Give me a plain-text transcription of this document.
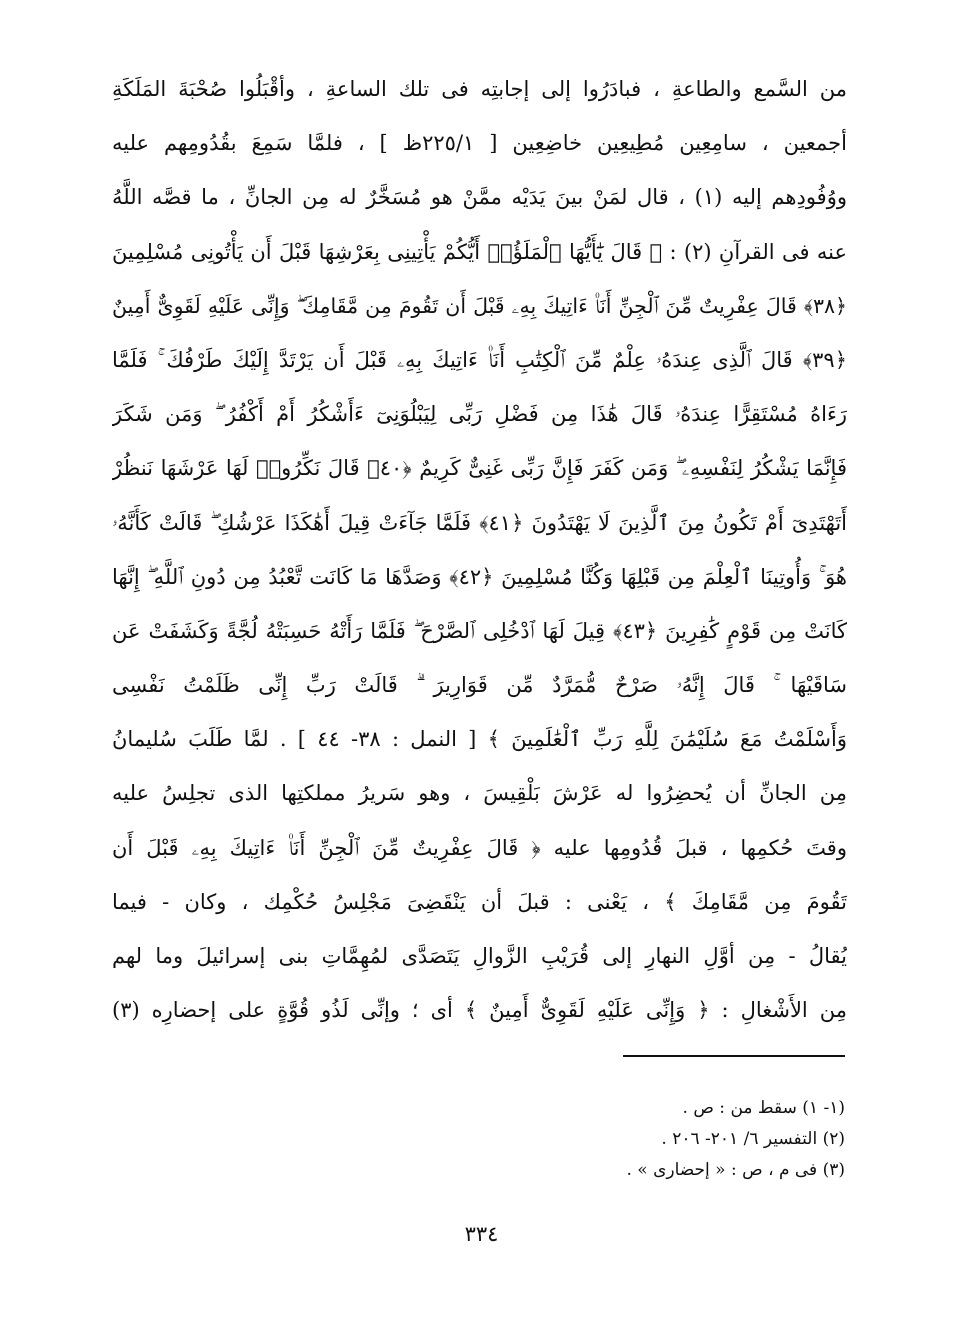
من السَّمع والطاعةِ ، فبادَرُوا إلى إجابتِه فى تلك الساعةِ ، وأقْبَلُوا صُحْبَةَ المَلَكَةِ
أجمعين ، سامِعِين مُطِيعِين خاضِعِين [ ٢٢٥/١ظ ] ، فلمَّا سَمِعَ بقُدُومِهم عليه
ووُفُودِهم إليه (١) ، قال لمَنْ بينَ يَدَيْه ممَّنْ هو مُسَخَّرٌ له مِن الجانِّ ، ما قصَّه اللَّهُ
عنه فى القرآنِ (٢) : ﴿ قَالَ يَٰٓأَيُّهَا ٱلْمَلَؤُا۟ أَيُّكُمْ يَأْتِينِى بِعَرْشِهَا قَبْلَ أَن يَأْتُونِى مُسْلِمِينَ
﴿٣٨﴾ قَالَ عِفْرِيتٌ مِّنَ ٱلْجِنِّ أَنَا۠ ءَاتِيكَ بِهِۦ قَبْلَ أَن تَقُومَ مِن مَّقَامِكَ ۖ وَإِنِّى عَلَيْهِ لَقَوِىٌّ أَمِينٌ
﴿٣٩﴾ قَالَ ٱلَّذِى عِندَهُۥ عِلْمٌ مِّنَ ٱلْكِتَٰبِ أَنَا۠ ءَاتِيكَ بِهِۦ قَبْلَ أَن يَرْتَدَّ إِلَيْكَ طَرْفُكَ ۚ فَلَمَّا
رَءَاهُ مُسْتَقِرًّا عِندَهُۥ قَالَ هَٰذَا مِن فَضْلِ رَبِّى لِيَبْلُوَنِىٓ ءَأَشْكُرُ أَمْ أَكْفُرُ ۖ وَمَن شَكَرَ
فَإِنَّمَا يَشْكُرُ لِنَفْسِهِۦ ۖ وَمَن كَفَرَ فَإِنَّ رَبِّى غَنِىٌّ كَرِيمٌ ﴿٤٠﴾ قَالَ نَكِّرُوا۟ لَهَا عَرْشَهَا نَنظُرْ
أَتَهْتَدِىٓ أَمْ تَكُونُ مِنَ ٱلَّذِينَ لَا يَهْتَدُونَ ﴿٤١﴾ فَلَمَّا جَآءَتْ قِيلَ أَهَٰكَذَا عَرْشُكِ ۖ قَالَتْ كَأَنَّهُۥ
هُوَ ۚ وَأُوتِينَا ٱلْعِلْمَ مِن قَبْلِهَا وَكُنَّا مُسْلِمِينَ ﴿٤٢﴾ وَصَدَّهَا مَا كَانَت تَّعْبُدُ مِن دُونِ ٱللَّهِ ۖ إِنَّهَا
كَانَتْ مِن قَوْمٍ كَٰفِرِينَ ﴿٤٣﴾ قِيلَ لَهَا ٱدْخُلِى ٱلصَّرْحَ ۖ فَلَمَّا رَأَتْهُ حَسِبَتْهُ لُجَّةً وَكَشَفَتْ عَن
سَاقَيْهَا ۚ قَالَ إِنَّهُۥ صَرْحٌ مُّمَرَّدٌ مِّن قَوَارِيرَ ۗ قَالَتْ رَبِّ إِنِّى ظَلَمْتُ نَفْسِى
وَأَسْلَمْتُ مَعَ سُلَيْمَٰنَ لِلَّهِ رَبِّ ٱلْعَٰلَمِينَ ﴾ [ النمل : ٣٨- ٤٤ ] . لمَّا طَلَبَ سُليمانُ
مِن الجانِّ أن يُحضِرُوا له عَرْشَ بَلْقِيسَ ، وهو سَريرُ مملكتِها الذى تجلِسُ عليه
وقتَ حُكمِها ، قبلَ قُدُومِها عليه ﴿ قَالَ عِفْرِيتٌ مِّنَ ٱلْجِنِّ أَنَا۠ ءَاتِيكَ بِهِۦ قَبْلَ أَن
تَقُومَ مِن مَّقَامِكَ ﴾ ، يَعْنى : قبلَ أن يَنْقَضِىَ مَجْلِسُ حُكْمِك ، وكان - فيما
يُقالُ - مِن أوَّلِ النهارِ إلى قُرَيْبِ الزَّوالِ يَتَصَدَّى لمُهِمَّاتِ بنى إسرائيلَ وما لهم
مِن الأَشْغالِ : ﴿ وَإِنِّى عَلَيْهِ لَقَوِىٌّ أَمِينٌ ﴾ أى ؛ وإنِّى لَذُو قُوَّةٍ على إحضارِه (٣)
(١- ١) سقط من : ص .
(٢) التفسير ٦/ ٢٠١- ٢٠٦ .
(٣) فى م ، ص : « إحضارى » .
٣٣٤
